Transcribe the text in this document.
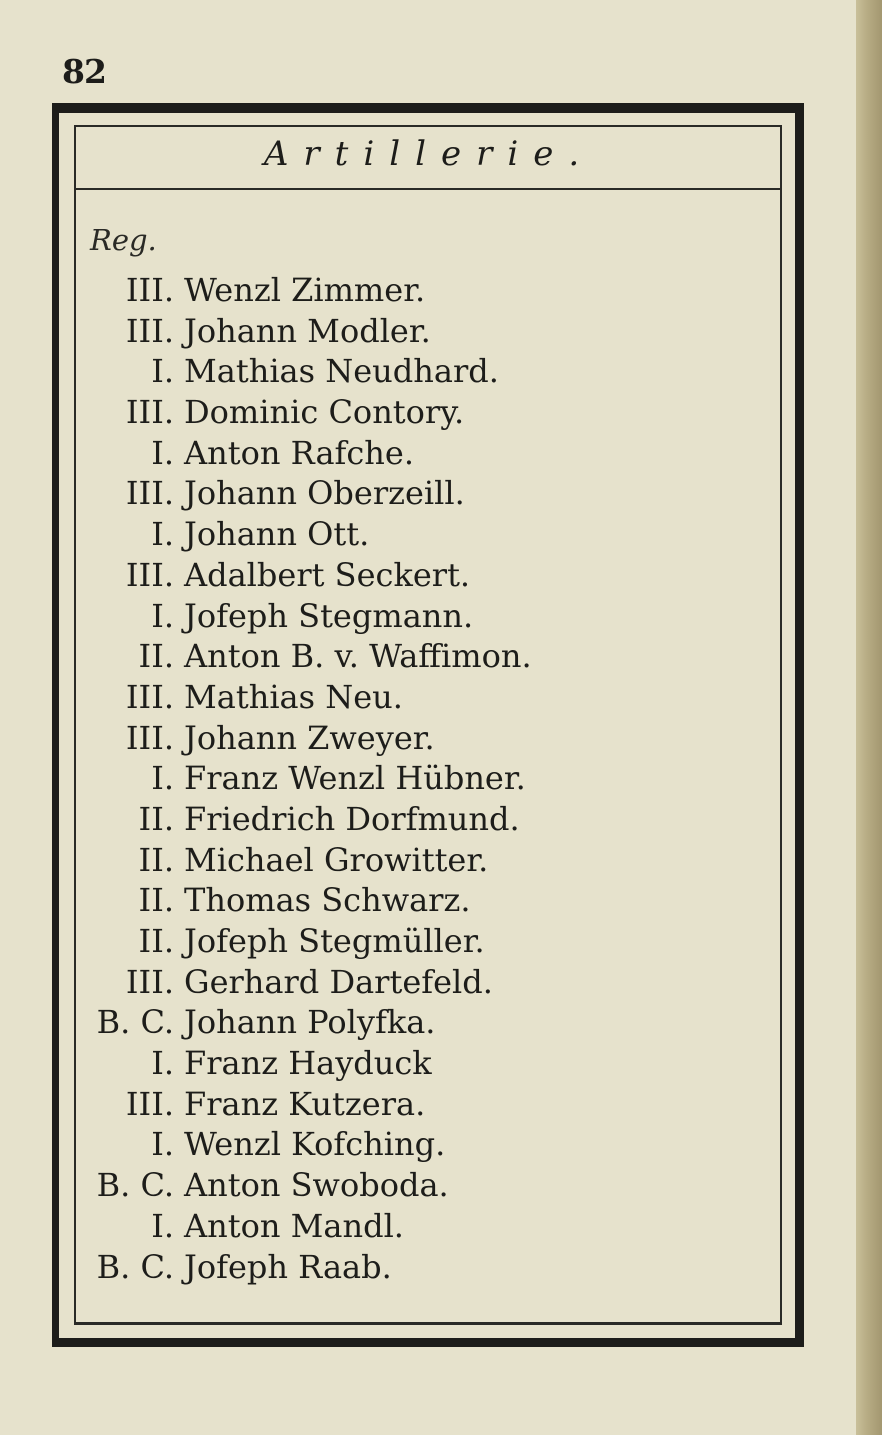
82
Artillerie.
Reg.
III. Wenzl Zimmer.
III. Johann Modler.
I. Mathias Neudhard.
III. Dominic Contory.
I. Anton Rafche.
III. Johann Oberzeill.
I. Johann Ott.
III. Adalbert Seckert.
I. Jofeph Stegmann.
II. Anton B. v. Waffimon.
III. Mathias Neu.
III. Johann Zweyer.
I. Franz Wenzl Hübner.
II. Friedrich Dorfmund.
II. Michael Growitter.
II. Thomas Schwarz.
II. Jofeph Stegmüller.
III. Gerhard Dartefeld.
B. C. Johann Polyfka.
I. Franz Hayduck
III. Franz Kutzera.
I. Wenzl Kofching.
B. C. Anton Swoboda.
I. Anton Mandl.
B. C. Jofeph Raab.
